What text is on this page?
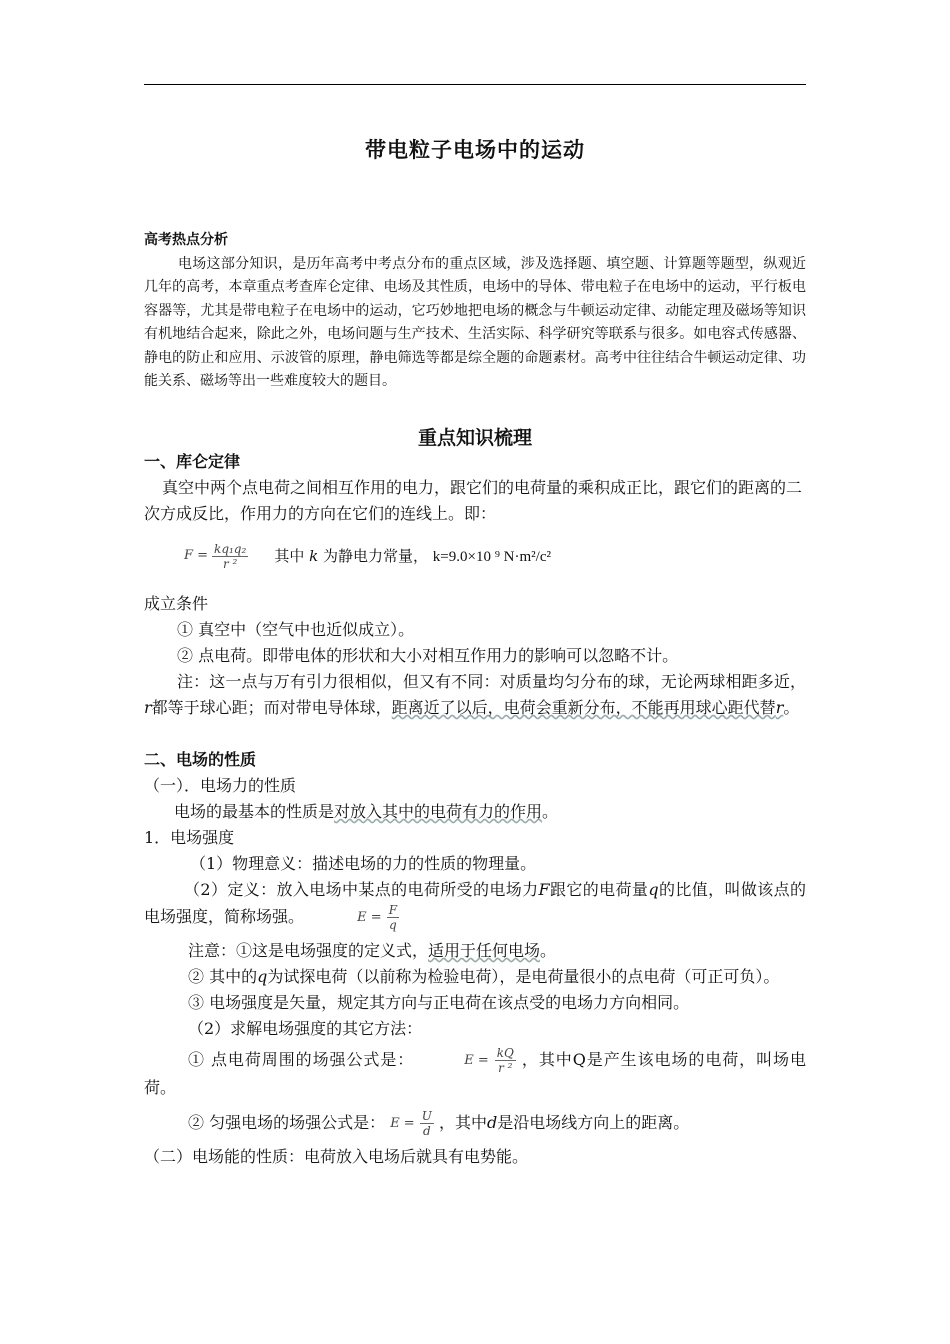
带电粒子电场中的运动
高考热点分析
电场这部分知识，是历年高考中考点分布的重点区域，涉及选择题、填空题、计算题等题型，纵观近几年的高考，本章重点考查库仑定律、电场及其性质，电场中的导体、带电粒子在电场中的运动，平行板电容器等，尤其是带电粒子在电场中的运动，它巧妙地把电场的概念与牛顿运动定律、动能定理及磁场等知识有机地结合起来，除此之外，电场问题与生产技术、生活实际、科学研究等联系与很多。如电容式传感器、静电的防止和应用、示波管的原理，静电筛选等都是综全题的命题素材。高考中往往结合牛顿运动定律、功能关系、磁场等出一些难度较大的题目。
重点知识梳理
一、库仑定律
真空中两个点电荷之间相互作用的电力，跟它们的电荷量的乘积成正比，跟它们的距离的二次方成反比，作用力的方向在它们的连线上。即：
$F = \frac{\text{kq₁q₂}}{\text{r ²}}$ 其中 k 为静电力常量， k=9.0×10 ⁹ N·m²/c²
成立条件
① 真空中（空气中也近似成立）。
② 点电荷。即带电体的形状和大小对相互作用力的影响可以忽略不计。
注：这一点与万有引力很相似，但又有不同：对质量均匀分布的球，无论两球相距多近，r都等于球心距；而对带电导体球，距离近了以后，电荷会重新分布，不能再用球心距代替r。
二、电场的性质
（一）．电场力的性质
电场的最基本的性质是对放入其中的电荷有力的作用。
1．电场强度
（1）物理意义：描述电场的力的性质的物理量。
（2）定义：放入电场中某点的电荷所受的电场力F跟它的电荷量q的比值，叫做该点的电场强度，简称场强。	$E = \frac{F}{q}$
注意：①这是电场强度的定义式，适用于任何电场。
② 其中的q为试探电荷（以前称为检验电荷），是电荷量很小的点电荷（可正可负）。
③ 电场强度是矢量，规定其方向与正电荷在该点受的电场力方向相同。
（2）求解电场强度的其它方法：
① 点电荷周围的场强公式是：	$E = \frac{kQ}{\text{r ²}}$ ，其中Q是产生该电场的电荷，叫场电荷。
② 匀强电场的场强公式是： $E = \frac{U}{d}$ ，其中d是沿电场线方向上的距离。
（二）电场能的性质：电荷放入电场后就具有电势能。
